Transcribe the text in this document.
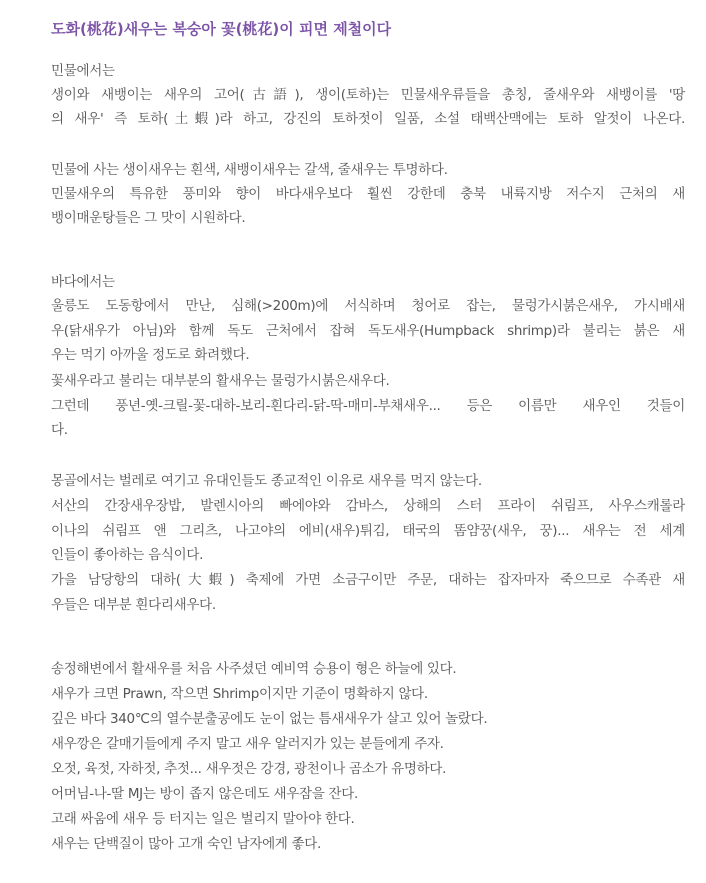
도화(桃花)새우는 복숭아 꽃(桃花)이 피면 제철이다
민물에서는
생이와 새뱅이는 새우의 고어(古語), 생이(토하)는 민물새우류들을 총칭, 줄새우와 새뱅이를 '땅
의 새우' 즉 토하(土蝦)라 하고, 강진의 토하젓이 일품, 소설 태백산맥에는 토하 알젓이 나온다.
민물에 사는 생이새우는 흰색, 새뱅이새우는 갈색, 줄새우는 투명하다.
민물새우의 특유한 풍미와 향이 바다새우보다 훨씬 강한데 충북 내륙지방 저수지 근처의 새
뱅이매운탕들은 그 맛이 시원하다.
바다에서는
울릉도 도동항에서 만난, 심해(>200m)에 서식하며 청어로 잡는, 물렁가시붉은새우, 가시배새
우(닭새우가 아님)와 함께 독도 근처에서 잡혀 독도새우(Humpback shrimp)라 불리는 붉은 새
우는 먹기 아까울 정도로 화려했다.
꽃새우라고 불리는 대부분의 활새우는 물렁가시붉은새우다.
그런데 풍년-옛-크릴-꽃-대하-보리-흰다리-닭-딱-매미-부채새우... 등은 이름만 새우인 것들이
다.
몽골에서는 벌레로 여기고 유대인들도 종교적인 이유로 새우를 먹지 않는다.
서산의 간장새우장밥, 발렌시아의 빠에야와 감바스, 상해의 스터 프라이 쉬림프, 사우스캐롤라
이나의 쉬림프 앤 그리츠, 나고야의 에비(새우)튀김, 태국의 똠얌꿍(새우, 꿍)... 새우는 전 세계
인들이 좋아하는 음식이다.
가을 남당항의 대하(大蝦) 축제에 가면 소금구이만 주문, 대하는 잡자마자 죽으므로 수족관 새
우들은 대부분 흰다리새우다.
송정해변에서 활새우를 처음 사주셨던 예비역 승용이 형은 하늘에 있다.
새우가 크면 Prawn, 작으면 Shrimp이지만 기준이 명확하지 않다.
깊은 바다 340℃의 열수분출공에도 눈이 없는 틈새새우가 살고 있어 놀랐다.
새우깡은 갈매기들에게 주지 말고 새우 알러지가 있는 분들에게 주자.
오젓, 육젓, 자하젓, 추젓... 새우젓은 강경, 광천이나 곰소가 유명하다.
어머님-나-딸 MJ는 방이 좁지 않은데도 새우잠을 잔다.
고래 싸움에 새우 등 터지는 일은 벌리지 말아야 한다.
새우는 단백질이 많아 고개 숙인 남자에게 좋다.
